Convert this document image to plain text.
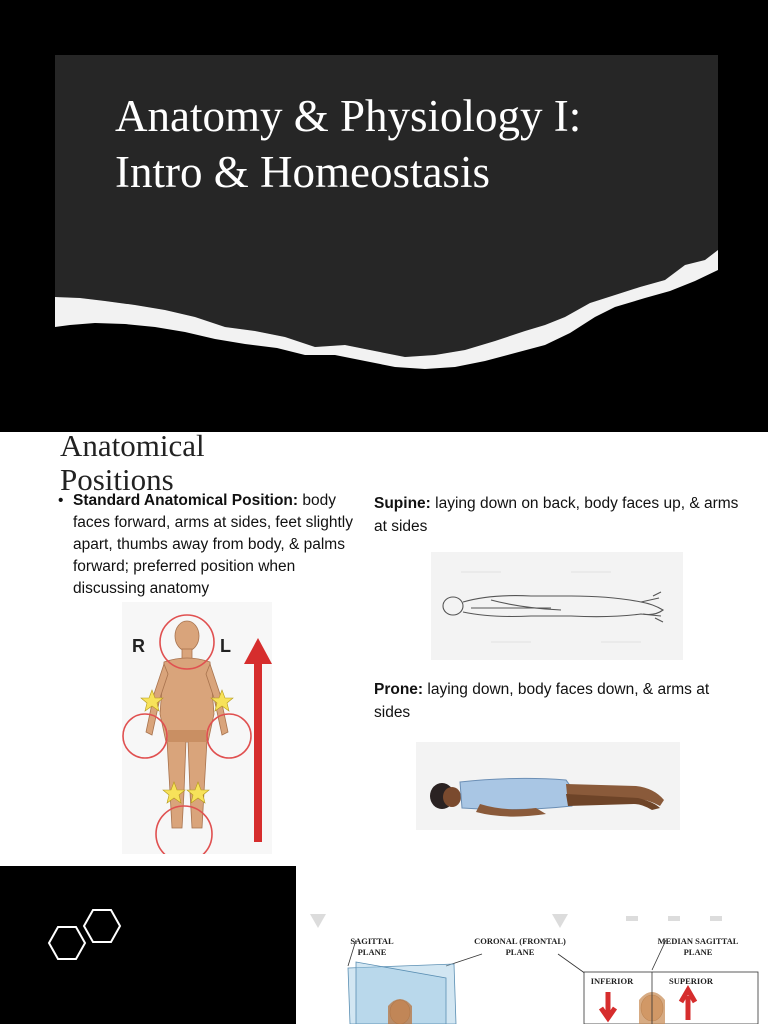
Anatomy & Physiology I:
Intro & Homeostasis
Anatomical
Positions
• Standard Anatomical Position: body faces forward, arms at sides, feet slightly apart, thumbs away from body, & palms forward; preferred position when discussing anatomy
R	L

Supine: laying down on back, body faces up, & arms at sides

Prone: laying down, body faces down, & arms at sides

SAGITTAL
PLANE
CORONAL (FRONTAL)
PLANE
MEDIAN SAGITTAL
PLANE
INFERIOR	SUPERIOR
